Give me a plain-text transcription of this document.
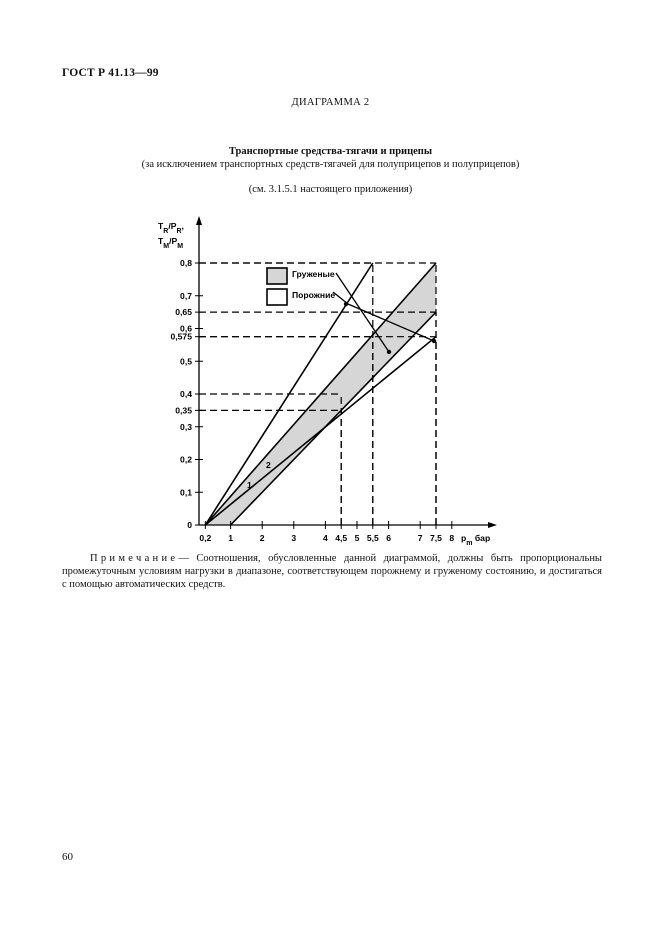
ГОСТ Р 41.13—99
ДИАГРАММА 2
Транспортные средства-тягачи и прицепы
(за исключением транспортных средств-тягачей для полуприцепов и полуприцепов)
(см. 3.1.5.1 настоящего приложения)
0,2 1	2	3	4 4,5 5 5,5 6	7 7,5 8
0
0,1
0,2
0,3
0,35
0,4
0,5
0,575
0,6
0,65
0,7
0,8
Груженые
Порожние
$T_R/P_R$,
$T_M/P_M$
$p_m$ бар
1
2
Примечание— Соотношения, обусловленные данной диаграммой, должны быть пропорциональны промежуточным условиям нагрузки в диапазоне, соответствующем порожнему и груженому состоянию, и достигаться с помощью автоматических средств.
60
